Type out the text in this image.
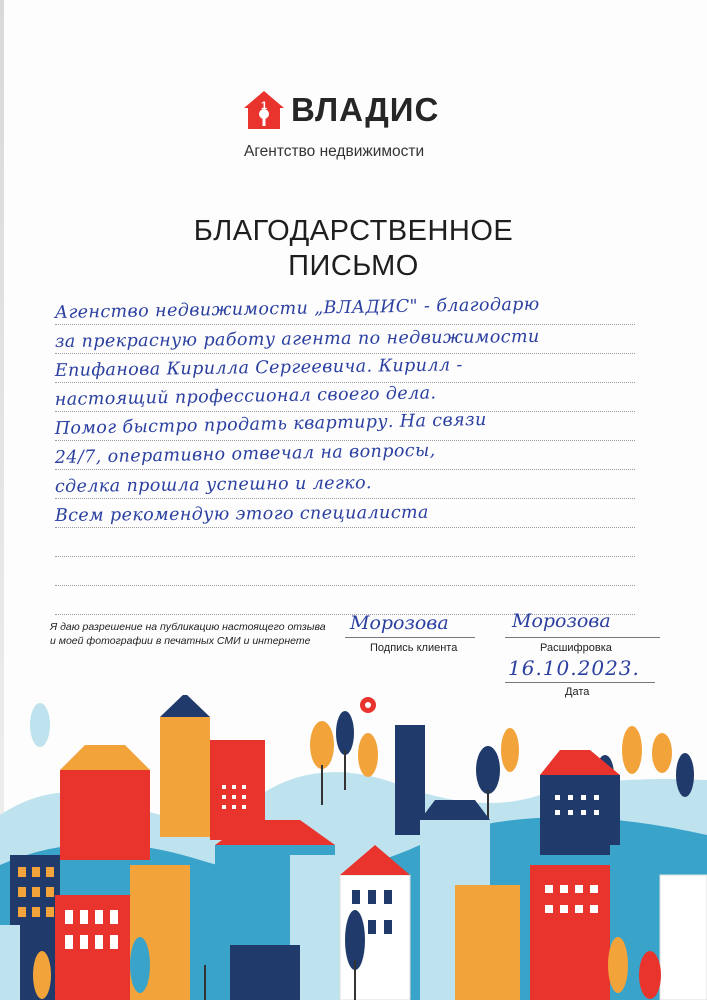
1 ВЛАДИС
Агентство недвижимости
БЛАГОДАРСТВЕННОЕ
ПИСЬМО
Агенство недвижимости „ВЛАДИС" - благодарю
за прекрасную работу агента по недвижимости
Епифанова Кирилла Сергеевича. Кирилл -
настоящий профессионал своего дела.
Помог быстро продать квартиру. На связи
24/7, оперативно отвечал на вопросы,
сделка прошла успешно и легко.
Всем рекомендую этого специалиста
Я даю разрешение на публикацию настоящего отзыва
и моей фотографии в печатных СМИ и интернете
Морозова
Подпись клиента
Морозова
Расшифровка
16.10.2023.
Дата
